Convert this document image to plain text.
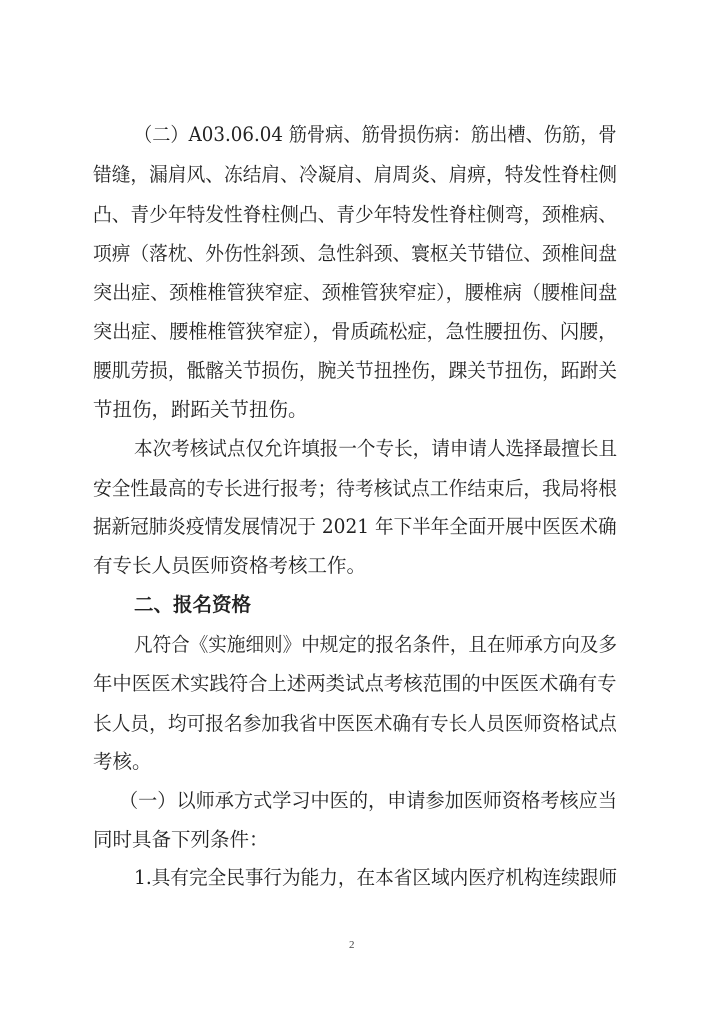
（二）A03.06.04 筋骨病、筋骨损伤病：筋出槽、伤筋，骨
错缝，漏肩风、冻结肩、冷凝肩、肩周炎、肩痹，特发性脊柱侧
凸、青少年特发性脊柱侧凸、青少年特发性脊柱侧弯，颈椎病、
项痹（落枕、外伤性斜颈、急性斜颈、寰枢关节错位、颈椎间盘
突出症、颈椎椎管狭窄症、颈椎管狭窄症），腰椎病（腰椎间盘
突出症、腰椎椎管狭窄症），骨质疏松症，急性腰扭伤、闪腰，
腰肌劳损，骶髂关节损伤，腕关节扭挫伤，踝关节扭伤，跖跗关
节扭伤，跗跖关节扭伤。
本次考核试点仅允许填报一个专长，请申请人选择最擅长且
安全性最高的专长进行报考；待考核试点工作结束后，我局将根
据新冠肺炎疫情发展情况于 2021 年下半年全面开展中医医术确
有专长人员医师资格考核工作。
二、报名资格
凡符合《实施细则》中规定的报名条件，且在师承方向及多
年中医医术实践符合上述两类试点考核范围的中医医术确有专
长人员，均可报名参加我省中医医术确有专长人员医师资格试点
考核。
（一）以师承方式学习中医的，申请参加医师资格考核应当
同时具备下列条件：
1.具有完全民事行为能力，在本省区域内医疗机构连续跟师
2
